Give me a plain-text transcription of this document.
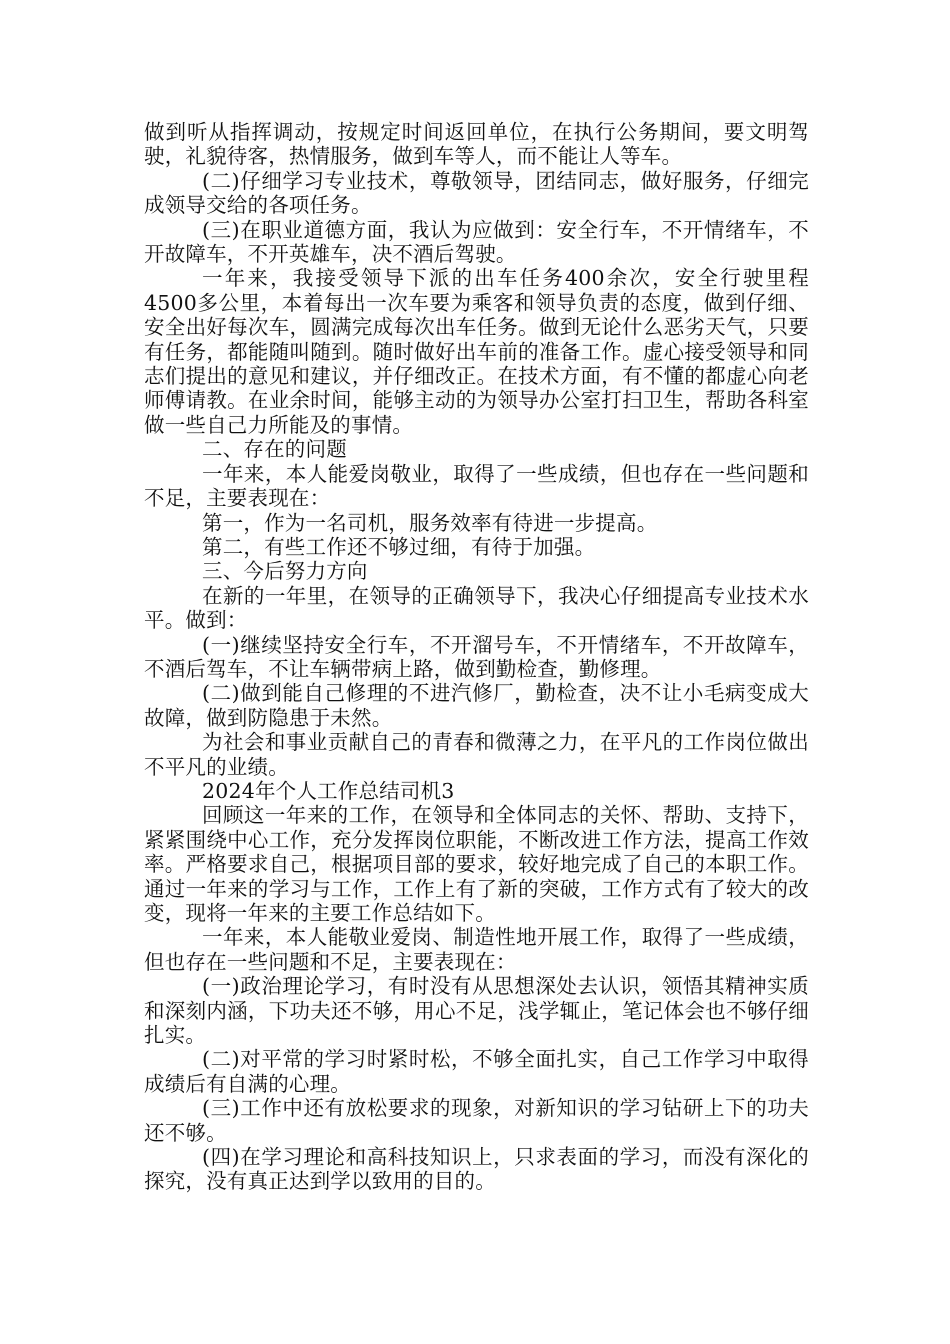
做到听从指挥调动，按规定时间返回单位，在执行公务期间，要文明驾驶，礼貌待客，热情服务，做到车等人，而不能让人等车。

(二)仔细学习专业技术，尊敬领导，团结同志，做好服务，仔细完成领导交给的各项任务。

(三)在职业道德方面，我认为应做到：安全行车，不开情绪车，不开故障车，不开英雄车，决不酒后驾驶。

一年来，我接受领导下派的出车任务400余次，安全行驶里程4500多公里，本着每出一次车要为乘客和领导负责的态度，做到仔细、安全出好每次车，圆满完成每次出车任务。做到无论什么恶劣天气，只要有任务，都能随叫随到。随时做好出车前的准备工作。虚心接受领导和同志们提出的意见和建议，并仔细改正。在技术方面，有不懂的都虚心向老师傅请教。在业余时间，能够主动的为领导办公室打扫卫生，帮助各科室做一些自己力所能及的事情。

二、存在的问题

一年来，本人能爱岗敬业，取得了一些成绩，但也存在一些问题和不足，主要表现在：

第一，作为一名司机，服务效率有待进一步提高。

第二，有些工作还不够过细，有待于加强。

三、今后努力方向

在新的一年里，在领导的正确领导下，我决心仔细提高专业技术水平。做到：

(一)继续坚持安全行车，不开溜号车，不开情绪车，不开故障车，不酒后驾车，不让车辆带病上路，做到勤检查，勤修理。

(二)做到能自己修理的不进汽修厂，勤检查，决不让小毛病变成大故障，做到防隐患于未然。

为社会和事业贡献自己的青春和微薄之力，在平凡的工作岗位做出不平凡的业绩。

2024年个人工作总结司机3

回顾这一年来的工作，在领导和全体同志的关怀、帮助、支持下，紧紧围绕中心工作，充分发挥岗位职能，不断改进工作方法，提高工作效率。严格要求自己，根据项目部的要求，较好地完成了自己的本职工作。通过一年来的学习与工作，工作上有了新的突破，工作方式有了较大的改变，现将一年来的主要工作总结如下。

一年来，本人能敬业爱岗、制造性地开展工作，取得了一些成绩，但也存在一些问题和不足，主要表现在：

(一)政治理论学习，有时没有从思想深处去认识，领悟其精神实质和深刻内涵，下功夫还不够，用心不足，浅学辄止，笔记体会也不够仔细扎实。

(二)对平常的学习时紧时松，不够全面扎实，自己工作学习中取得成绩后有自满的心理。

(三)工作中还有放松要求的现象，对新知识的学习钻研上下的功夫还不够。

(四)在学习理论和高科技知识上，只求表面的学习，而没有深化的探究，没有真正达到学以致用的目的。
